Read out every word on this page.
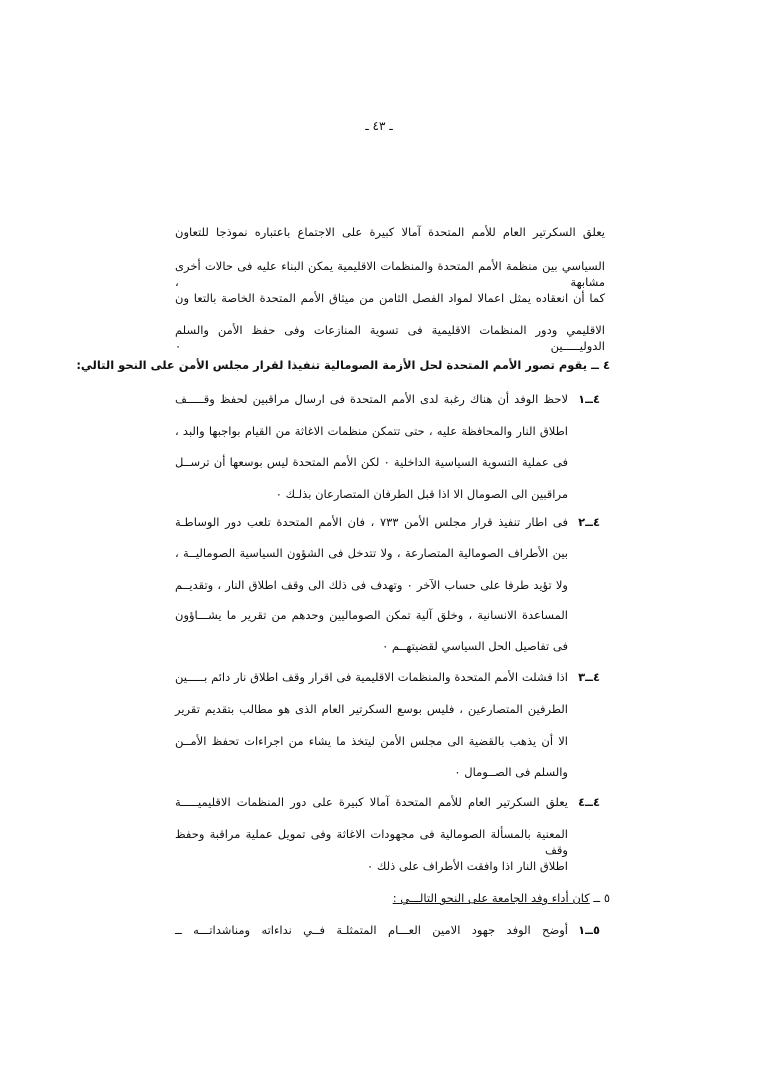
ـ ٤٣ ـ
يعلق السكرتير العام للأمم المتحدة آمالا كبيرة على الاجتماع باعتباره نموذجا للتعاون
السياسي بين منظمة الأمم المتحدة والمنظمات الاقليمية يمكن البناء عليه فى حالات أخرى مشابهة ،
كما أن انعقاده يمثل اعمالا لمواد الفصل الثامن من ميثاق الأمم المتحدة الخاصة بالتعا ون
الاقليمي ودور المنظمات الاقليمية فى تسوية المنازعات وفى حفظ الأمن والسلم الدوليـــــين ٠
٤ ــ يقوم تصور الأمم المتحدة لحل الأزمة الصومالية تنفيذا لقرار مجلس الأمن على النحو التالي:
٤ــ١
لاحظ الوفد أن هناك رغبة لدى الأمم المتحدة فى ارسال مراقبين لحفظ وقـــــف
اطلاق النار والمحافظة عليه ، حتى تتمكن منظمات الاغاثة من القيام بواجبها والبد ،
فى عملية التسوية السياسية الداخلية ٠ لكن الأمم المتحدة ليس بوسعها أن ترســل
مراقبين الى الصومال الا اذا قبل الطرفان المتصارعان بذلـك ٠
٤ــ٢
فى اطار تنفيذ قرار مجلس الأمن ٧٣٣ ، فان الأمم المتحدة تلعب دور الوساطـة
بين الأطراف الصومالية المتصارعة ، ولا تتدخل فى الشؤون السياسية الصوماليــة ،
ولا تؤيد طرفا على حساب الآخر ٠ وتهدف فى ذلك الى وقف اطلاق النار ، وتقديــم
المساعدة الانسانية ، وخلق آلية تمكن الصوماليين وحدهم من تقرير ما يشـــاؤون
فى تفاصيل الحل السياسي لقضيتهــم ٠
٤ــ٣
اذا فشلت الأمم المتحدة والمنظمات الاقليمية فى اقرار وقف اطلاق نار دائم بـــــين
الطرفين المتصارعين ، فليس بوسع السكرتير العام الذى هو مطالب بتقديم تقرير
الا أن يذهب بالقضية الى مجلس الأمن ليتخذ ما يشاء من اجراءات تحفظ الأمــن
والسلم فى الصــومال ٠
٤ــ٤
يعلق السكرتير العام للأمم المتحدة آمالا كبيرة على دور المنظمات الاقليميـــــة
المعنية بالمسألة الصومالية فى مجهودات الاغاثة وفى تمويل عملية مراقبة وحفظ وقف
اطلاق النار اذا وافقت الأطراف على ذلك ٠
٥ ــ كان أداء وفد الجامعة على النحو التالـــي :
٥ــ١
أوضح الوفد جهود الامين العـــام المتمثلـة فــي نداءاته ومناشداتـــه ــ
